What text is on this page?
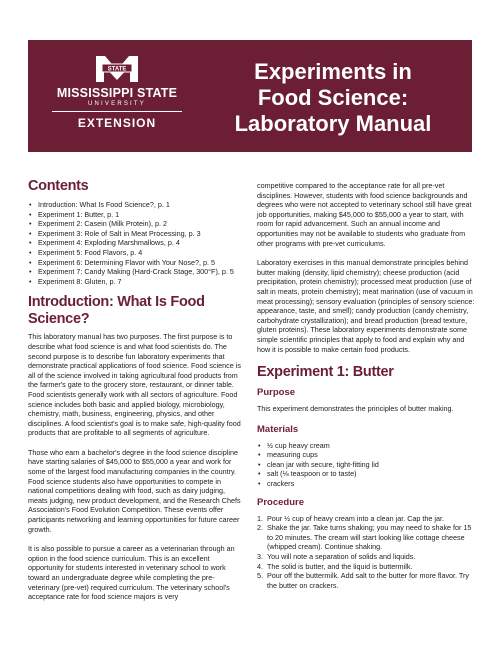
STATE
MISSISSIPPI STATE
UNIVERSITY
EXTENSION
Experiments in
Food Science:
Laboratory Manual
Contents
• Introduction: What Is Food Science?, p. 1
• Experiment 1: Butter, p. 1
• Experiment 2: Casein (Milk Protein), p. 2
• Experiment 3: Role of Salt in Meat Processing, p. 3
• Experiment 4: Exploding Marshmallows, p. 4
• Experiment 5: Food Flavors, p. 4
• Experiment 6: Determining Flavor with Your Nose?, p. 5
• Experiment 7: Candy Making (Hard-Crack Stage, 300°F), p. 5
• Experiment 8: Gluten, p. 7
Introduction: What Is Food Science?

This laboratory manual has two purposes. The first purpose is to describe what food science is and what food scientists do. The second purpose is to describe fun laboratory experiments that demonstrate practical applications of food science. Food science is all of the science involved in taking agricultural food products from the farmer's gate to the grocery store, restaurant, or dinner table. Food scientists generally work with all sectors of agriculture. Food science includes both basic and applied biology, microbiology, chemistry, math, business, engineering, physics, and other disciplines. A food scientist's goal is to make safe, high-quality food products that are profitable to all segments of agriculture.

Those who earn a bachelor's degree in the food science discipline have starting salaries of $45,000 to $55,000 a year and work for some of the largest food manufacturing companies in the country. Food science students also have opportunities to compete in national competitions dealing with food, such as dairy judging, meats judging, new product development, and the Research Chefs Association's Food Evolution Competition. These events offer participants networking and learning opportunities for future career growth.

It is also possible to pursue a career as a veterinarian through an option in the food science curriculum. This is an excellent opportunity for students interested in veterinary school to work toward an undergraduate degree while completing the pre-veterinary (pre-vet) required curriculum. The veterinary school's acceptance rate for food science majors is very

competitive compared to the acceptance rate for all pre-vet disciplines. However, students with food science backgrounds and degrees who were not accepted to veterinary school still have great job opportunities, making $45,000 to $55,000 a year to start, with room for rapid advancement. Such an annual income and opportunities may not be available to students who graduate from other programs with pre-vet curriculums.

Laboratory exercises in this manual demonstrate principles behind butter making (density, lipid chemistry); cheese production (acid precipitation, protein chemistry); processed meat production (use of salt in meats, protein chemistry); meat marination (use of vacuum in meat processing); sensory evaluation (principles of sensory science: appearance, taste, and smell); candy production (candy chemistry, carbohydrate crystallization); and bread production (bread texture, gluten proteins). These laboratory experiments demonstrate some simple scientific principles that apply to food and explain why and how it is possible to make certain food products.

Experiment 1: Butter
Purpose

This experiment demonstrates the principles of butter making.

Materials
• ½ cup heavy cream
• measuring cups
• clean jar with secure, tight-fitting lid
• salt (⅛ teaspoon or to taste)
• crackers
Procedure
1. Pour ½ cup of heavy cream into a clean jar. Cap the jar.
2. Shake the jar. Take turns shaking; you may need to shake for 15 to 20 minutes. The cream will start looking like cottage cheese (whipped cream). Continue shaking.
3. You will note a separation of solids and liquids.
4. The solid is butter, and the liquid is buttermilk.
5. Pour off the buttermilk. Add salt to the butter for more flavor. Try the butter on crackers.
